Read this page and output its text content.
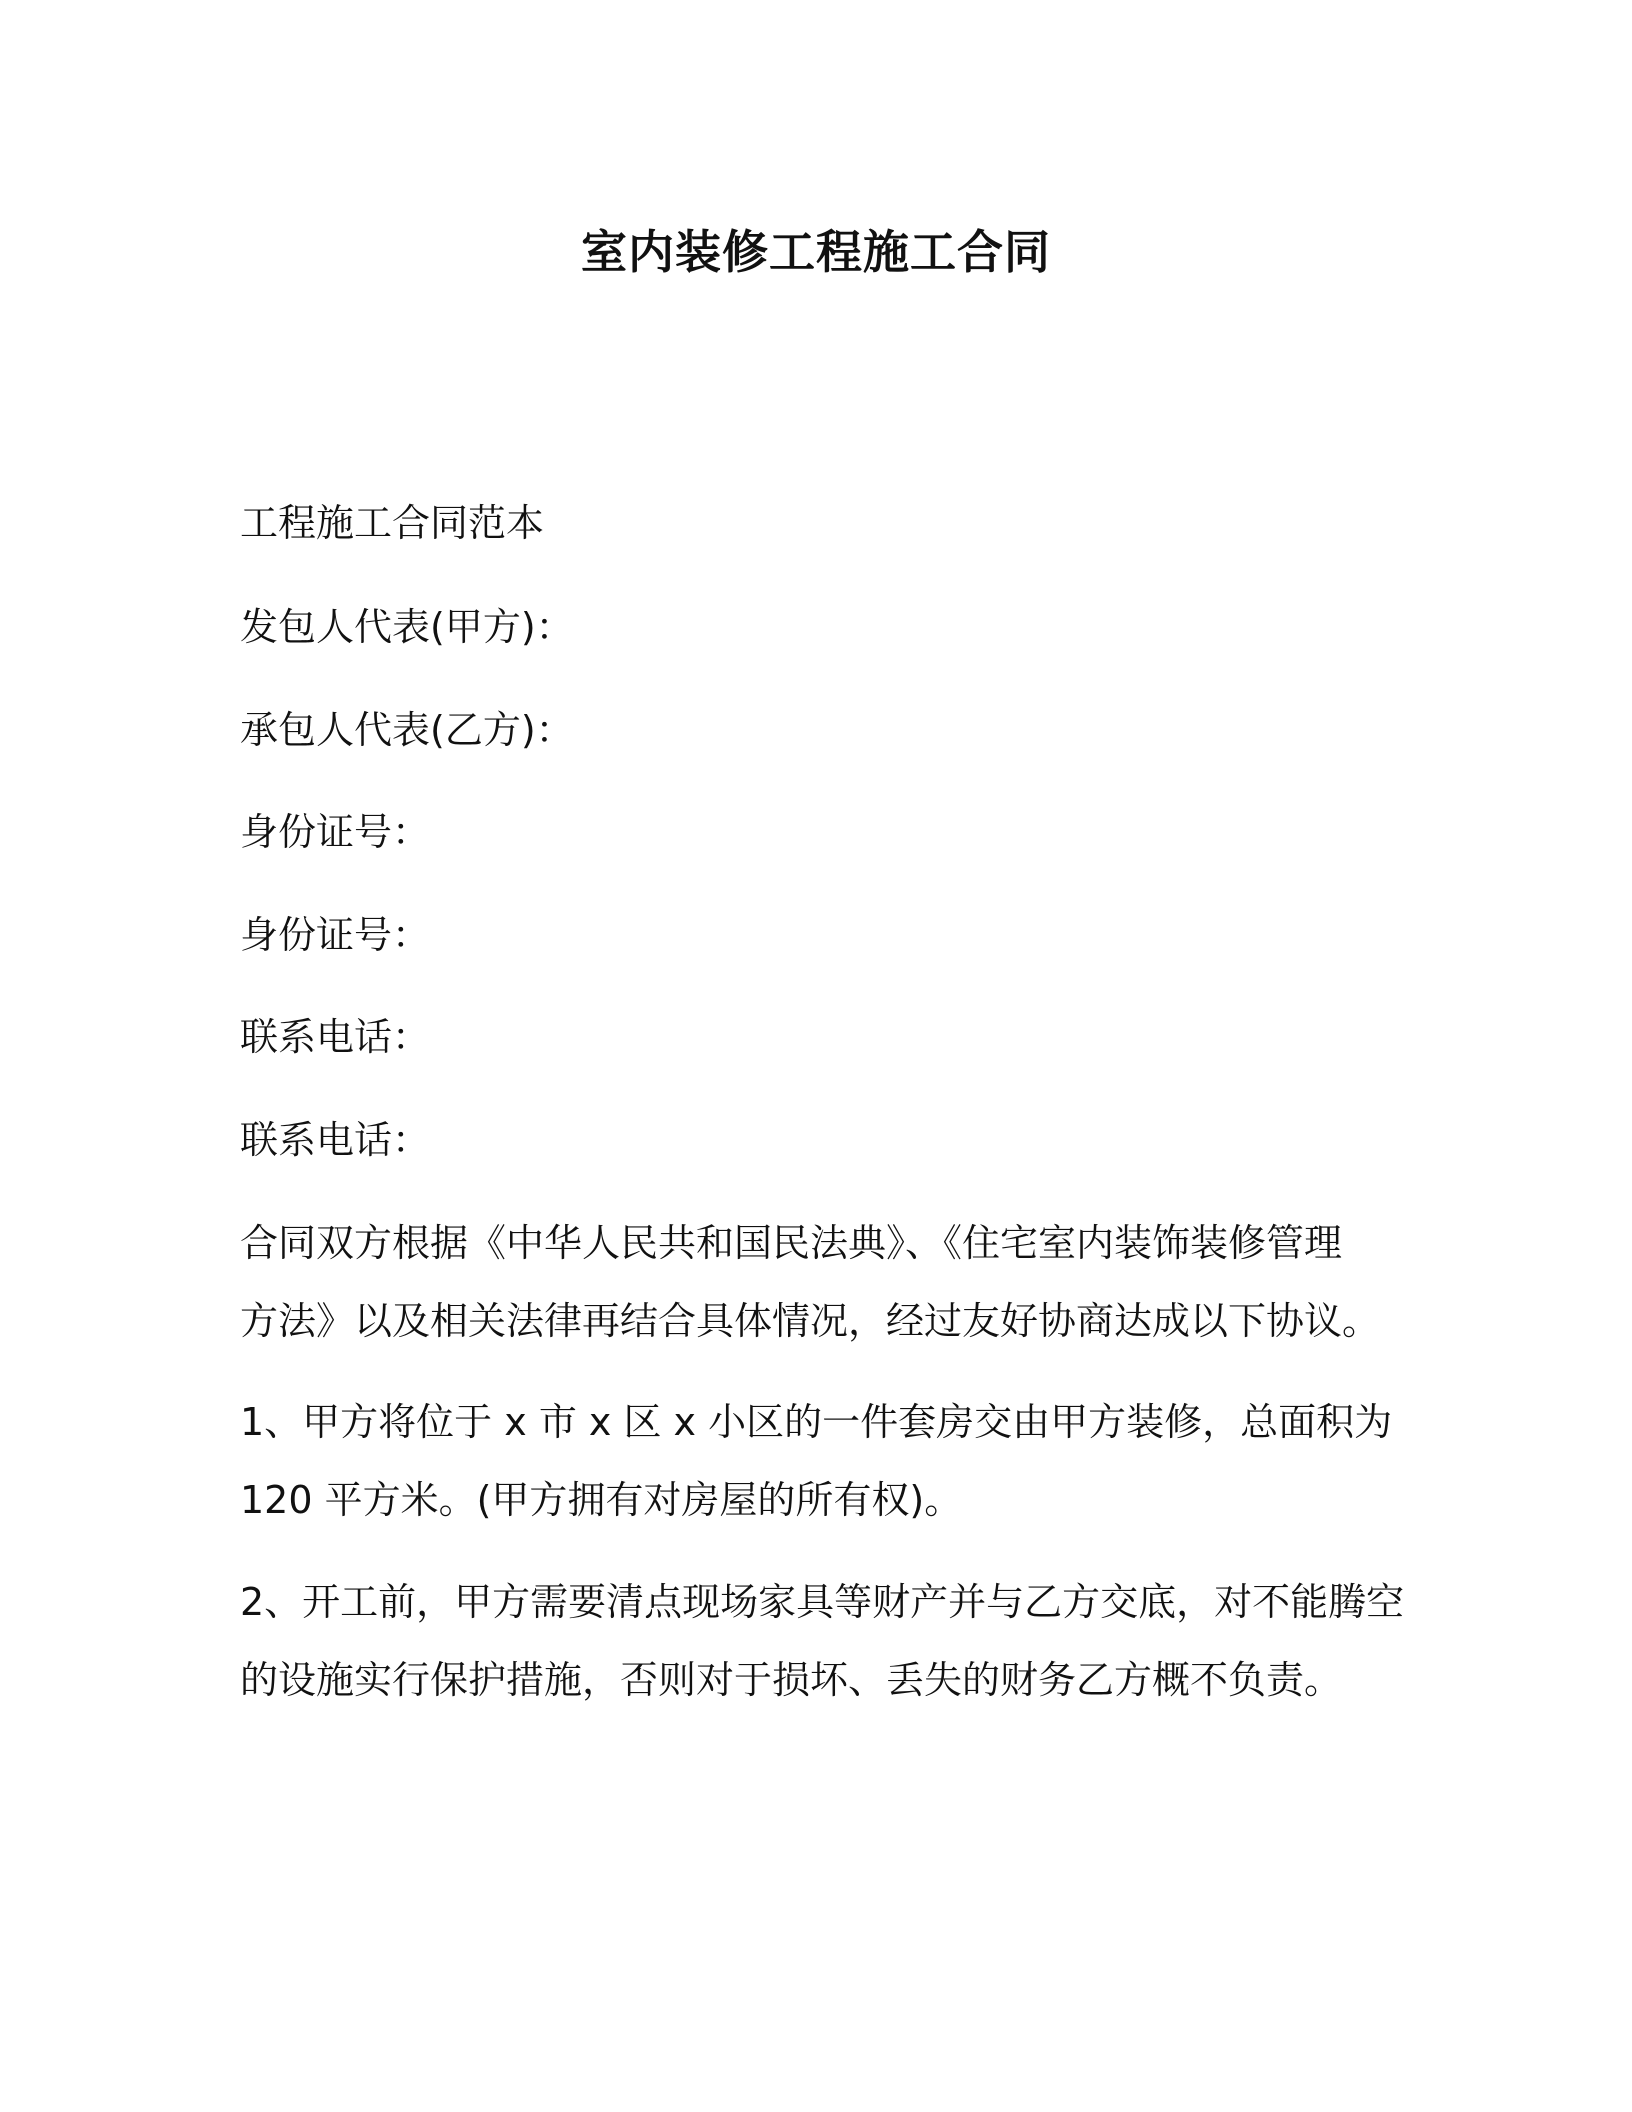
室内装修工程施工合同
工程施工合同范本
发包人代表(甲方)：
承包人代表(乙方)：
身份证号：
身份证号：
联系电话：
联系电话：
合同双方根据《中华人民共和国民法典》、《住宅室内装饰装修管理
方法》以及相关法律再结合具体情况，经过友好协商达成以下协议。
1、甲方将位于 x 市 x 区 x 小区的一件套房交由甲方装修，总面积为
120 平方米。(甲方拥有对房屋的所有权)。
2、开工前，甲方需要清点现场家具等财产并与乙方交底，对不能腾空
的设施实行保护措施，否则对于损坏、丢失的财务乙方概不负责。
